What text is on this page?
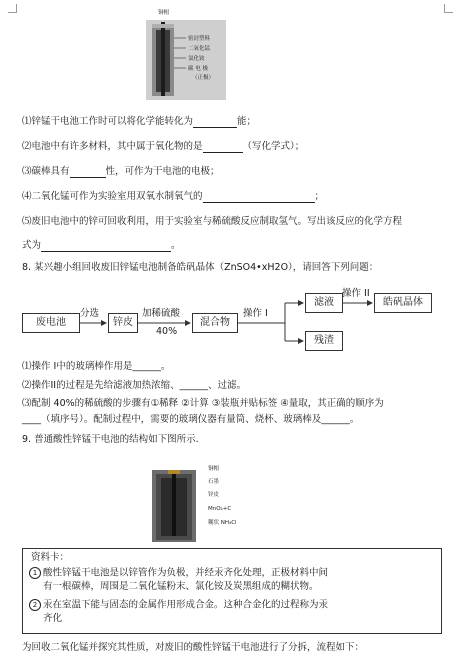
铜帽
密封塑料
二氧化锰
氯化铵
碳 电 极
（正极）
⑴锌锰干电池工作时可以将化学能转化为	能；
⑵电池中有许多材料，其中属于氧化物的是	（写化学式）；
⑶碳棒具有	性，可作为干电池的电极；
⑷二氧化锰可作为实验室用双氧水制氧气的	；
⑸废旧电池中的锌可回收利用，用于实验室与稀硫酸反应制取氢气。写出该反应的化学方程
式为	。
8. 某兴趣小组回收废旧锌锰电池制备皓矾晶体（ZnSO4•xH2O），请回答下列问题：
废电池
分选
锌皮
加稀硫酸
40%
混合物
操作 I
滤液
操作 II
皓矾晶体
残渣
⑴操作 I中的玻璃棒作用是______。
⑵操作II的过程是先给滤液加热浓缩、______、过滤。
⑶配制 40%的稀硫酸的步骤有①稀释 ②计算 ③装瓶并贴标签 ④量取，其正确的顺序为
____（填序号）。配制过程中，需要的玻璃仪器有量筒、烧杯、玻璃棒及______。
9. 普通酸性锌锰干电池的结构如下图所示.
铜帽
石墨
锌皮
MnO₂+C
糊状 NH₄Cl
资料卡：
1 酸性锌锰干电池是以锌管作为负极，并经汞齐化处理，正极材料中间
有一根碳棒，周围是二氧化锰粉末、氯化铵及炭黑组成的糊状物。
2 汞在室温下能与固态的金属作用形成合金。这种合金化的过程称为汞
齐化
为回收二氧化锰并探究其性质，对废旧的酸性锌锰干电池进行了分拆，流程如下：
